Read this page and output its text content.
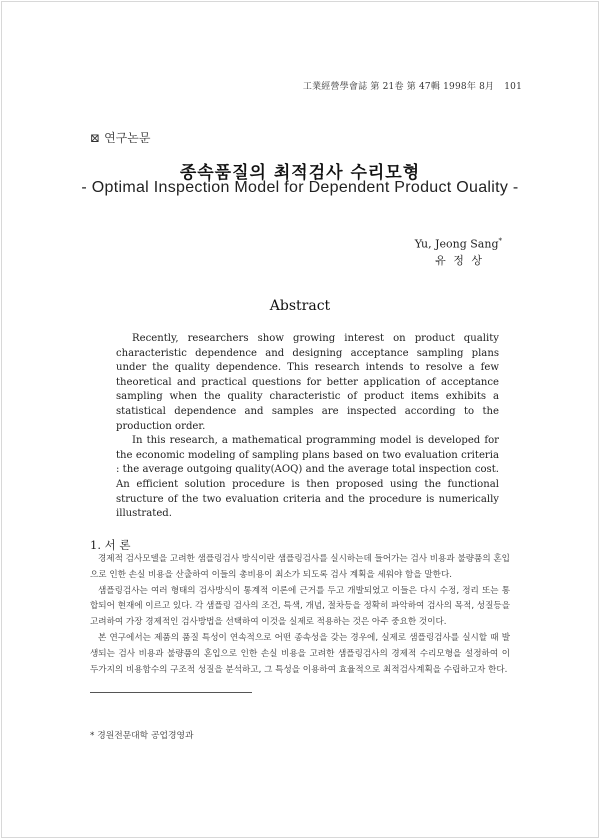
工業經營學會誌 第 21卷 第 47輯 1998年 8月 101
⊠ 연구논문
종속품질의 최적검사 수리모형
- Optimal Inspection Model for Dependent Product Ouality -
Yu, Jeong Sang*
유 정 상
Abstract

Recently, researchers show growing interest on product quality characteristic dependence and designing acceptance sampling plans under the quality dependence. This research intends to resolve a few theoretical and practical questions for better application of acceptance sampling when the quality characteristic of product items exhibits a statistical dependence and samples are inspected according to the production order.

In this research, a mathematical programming model is developed for the economic modeling of sampling plans based on two evaluation criteria : the average outgoing quality(AOQ) and the average total inspection cost. An efficient solution procedure is then proposed using the functional structure of the two evaluation criteria and the procedure is numerically illustrated.

1. 서 론

경제적 검사모델을 고려한 샘플링검사 방식이란 샘플링검사를 실시하는데 들어가는 검사 비용과 불량품의 혼입으로 인한 손실 비용을 산출하여 이들의 총비용이 최소가 되도록 검사 계획을 세워야 함을 말한다.

샘플링검사는 여러 형태의 검사방식이 통계적 이론에 근거를 두고 개발되었고 이들은 다시 수정, 정리 또는 통합되어 현재에 이르고 있다. 각 샘플링 검사의 조건, 특색, 개념, 절차등을 정확히 파악하여 검사의 목적, 성질등을 고려하여 가장 경제적인 검사방법을 선택하여 이것을 실제로 적용하는 것은 아주 중요한 것이다.

본 연구에서는 제품의 품질 특성이 연속적으로 어떤 종속성을 갖는 경우에, 실제로 샘플링검사를 실시할 때 발생되는 검사 비용과 불량품의 혼입으로 인한 손실 비용을 고려한 샘플링검사의 경제적 수리모형을 설정하여 이 두가지의 비용함수의 구조적 성질을 분석하고, 그 특성을 이용하여 효율적으로 최적검사계획을 수립하고자 한다.

* 경원전문대학 공업경영과
